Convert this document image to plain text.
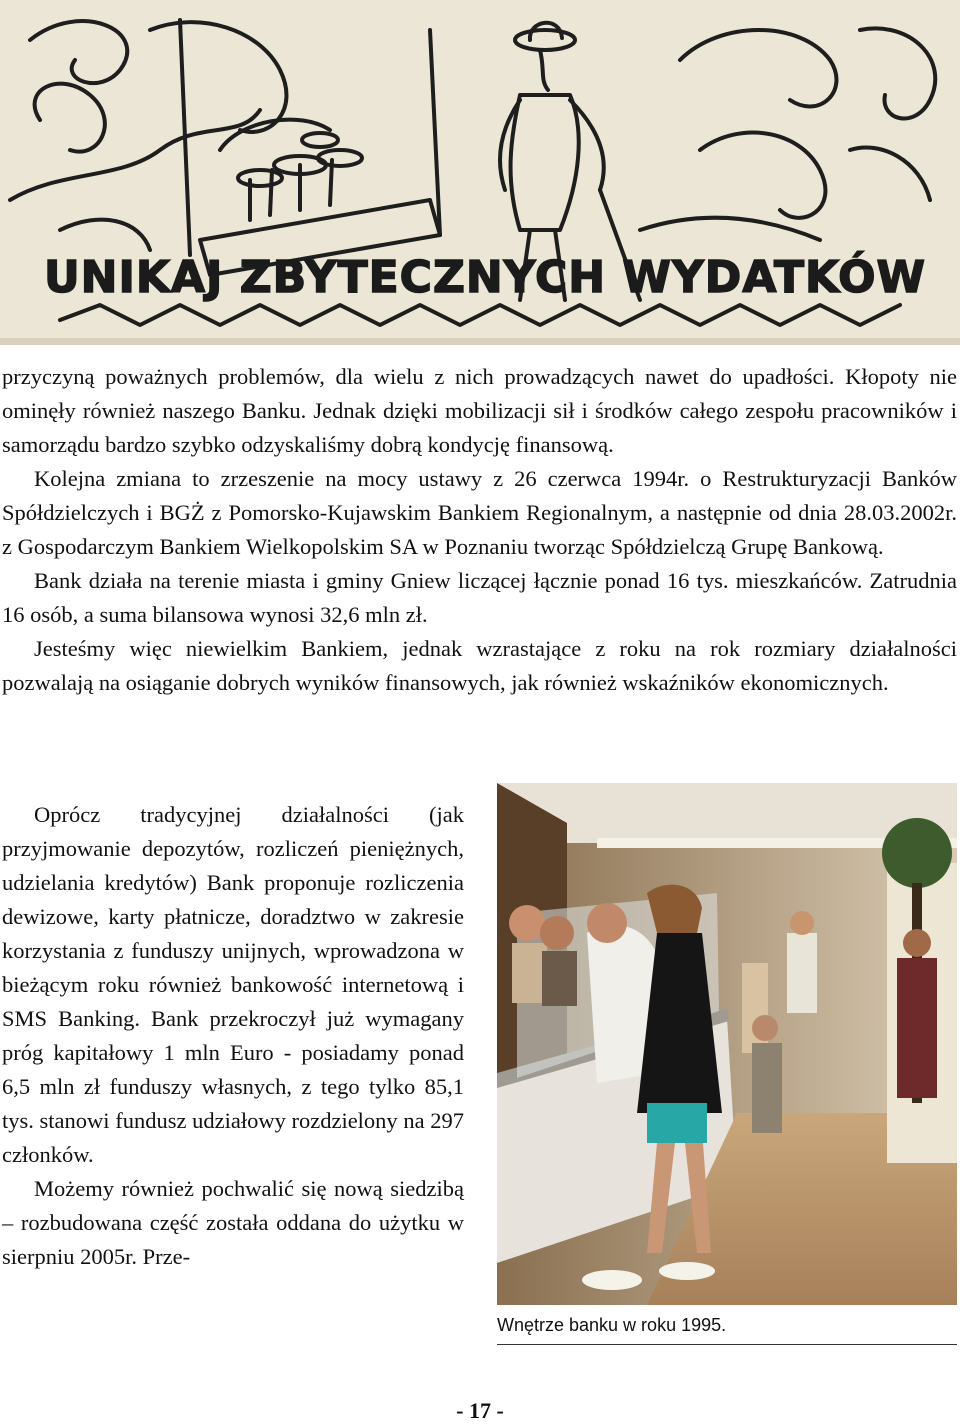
UNIKAJ ZBYTECZNYCH WYDATKÓW

przyczyną poważnych problemów, dla wielu z nich prowadzących nawet do upadłości. Kłopoty nie ominęły również naszego Banku. Jednak dzięki mobilizacji sił i środków całego zespołu pracowników i samorządu bardzo szybko odzyskaliśmy dobrą kondycję finansową.

Kolejna zmiana to zrzeszenie na mocy ustawy z 26 czerwca 1994r. o Restrukturyzacji Banków Spółdzielczych i BGŻ z Pomorsko-Kujawskim Bankiem Regionalnym, a następnie od dnia 28.03.2002r. z Gospodarczym Bankiem Wielkopolskim SA w Poznaniu tworząc Spółdzielczą Grupę Bankową.

Bank działa na terenie miasta i gminy Gniew liczącej łącznie ponad 16 tys. mieszkańców. Zatrudnia 16 osób, a suma bilansowa wynosi 32,6 mln zł.

Jesteśmy więc niewielkim Bankiem, jednak wzrastające z roku na rok rozmiary działalności pozwalają na osiąganie dobrych wyników finansowych, jak również wskaźników ekonomicznych.

Oprócz tradycyjnej działalności (jak przyjmowanie depozytów, rozliczeń pieniężnych, udzielania kredytów) Bank proponuje rozliczenia dewizowe, karty płatnicze, doradztwo w zakresie korzystania z funduszy unijnych, wprowadzona w bieżącym roku również bankowość internetową i SMS Banking. Bank przekroczył już wymagany próg kapitałowy 1 mln Euro - posiadamy ponad 6,5 mln zł funduszy własnych, z tego tylko 85,1 tys. stanowi fundusz udziałowy rozdzielony na 297 członków.

Możemy również pochwalić się nową siedzibą – rozbudowana część została oddana do użytku w sierpniu 2005r. Prze-

Wnętrze banku w roku 1995.
- 17 -
